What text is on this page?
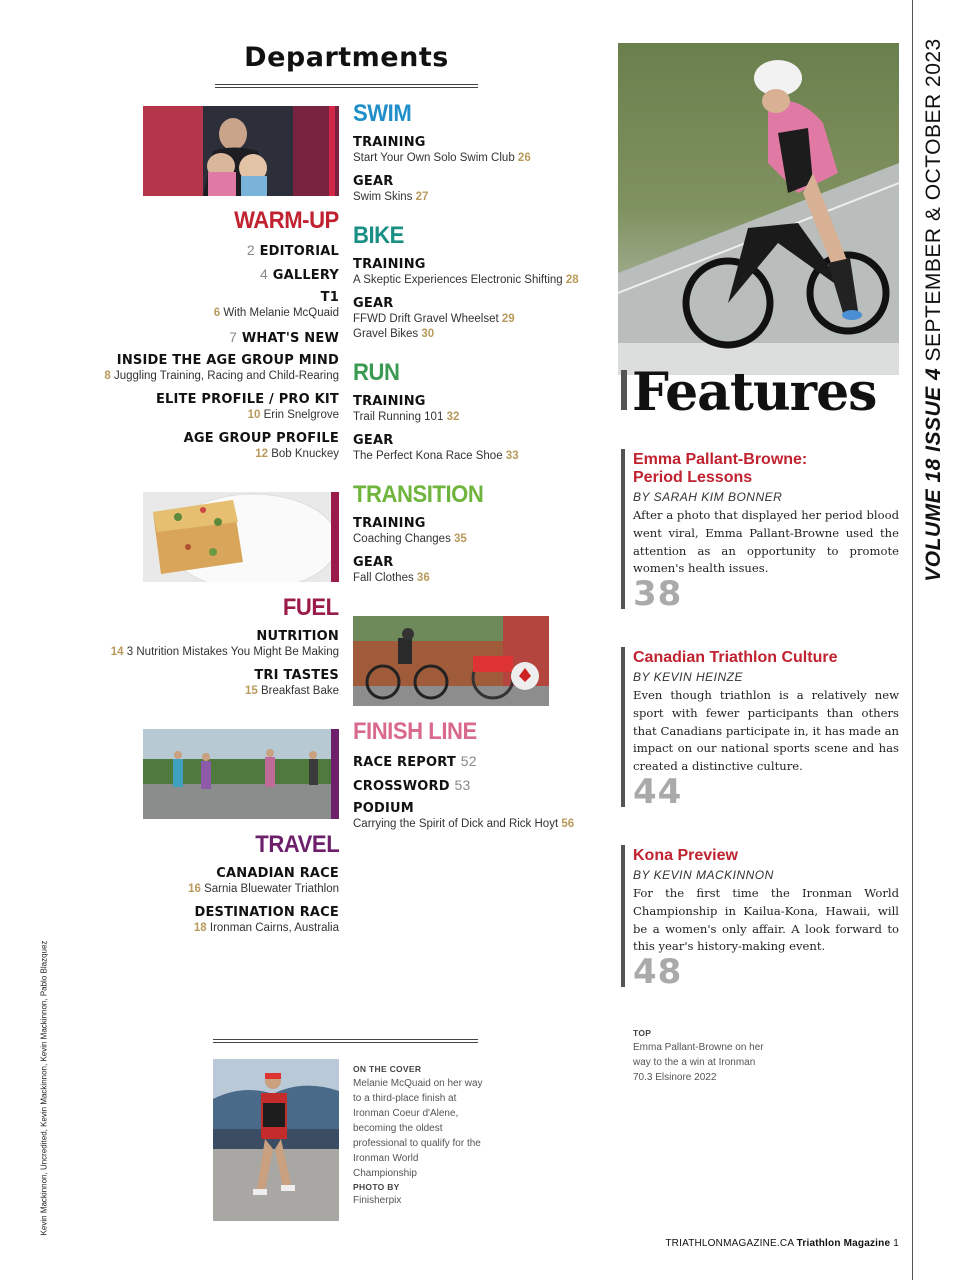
Departments
WARM-UP
2 EDITORIAL
4 GALLERY
T1
6 With Melanie McQuaid
7 WHAT'S NEW
INSIDE THE AGE GROUP MIND
8 Juggling Training, Racing and Child-Rearing
ELITE PROFILE / PRO KIT
10 Erin Snelgrove
AGE GROUP PROFILE
12 Bob Knuckey
FUEL
NUTRITION
14 3 Nutrition Mistakes You Might Be Making
TRI TASTES
15 Breakfast Bake
TRAVEL
CANADIAN RACE
16 Sarnia Bluewater Triathlon
DESTINATION RACE
18 Ironman Cairns, Australia
SWIM
TRAINING
Start Your Own Solo Swim Club 26
GEAR
Swim Skins 27
BIKE
TRAINING
A Skeptic Experiences Electronic Shifting 28
GEAR
FFWD Drift Gravel Wheelset 29
Gravel Bikes 30
RUN
TRAINING
Trail Running 101 32
GEAR
The Perfect Kona Race Shoe 33
TRANSITION
TRAINING
Coaching Changes 35
GEAR
Fall Clothes 36
FINISH LINE
RACE REPORT 52
CROSSWORD 53
PODIUM
Carrying the Spirit of Dick and Rick Hoyt 56
Features
Emma Pallant-Browne:
Period Lessons
BY SARAH KIM BONNER
After a photo that displayed her period blood went viral, Emma Pallant-Browne used the attention as an opportunity to promote women's health issues.
38
Canadian Triathlon Culture
BY KEVIN HEINZE
Even though triathlon is a relatively new sport with fewer participants than others that Canadians participate in, it has made an impact on our national sports scene and has created a distinctive culture.
44
Kona Preview
BY KEVIN MACKINNON
For the first time the Ironman World Championship in Kailua-Kona, Hawaii, will be a women's only affair. A look forward to this year's history-making event.
48
TOP
Emma Pallant-Browne on her way to the a win at Ironman 70.3 Elsinore 2022
ON THE COVER
Melanie McQuaid on her way to a third-place finish at Ironman Coeur d'Alene, becoming the oldest professional to qualify for the Ironman World Championship
PHOTO BY
Finisherpix
VOLUME 18 ISSUE 4 SEPTEMBER & OCTOBER 2023
Kevin Mackinnon, Uncredited, Kevin Mackinnon, Kevin Mackinnon, Pablo Blazquez
TRIATHLONMAGAZINE.CA Triathlon Magazine 1
